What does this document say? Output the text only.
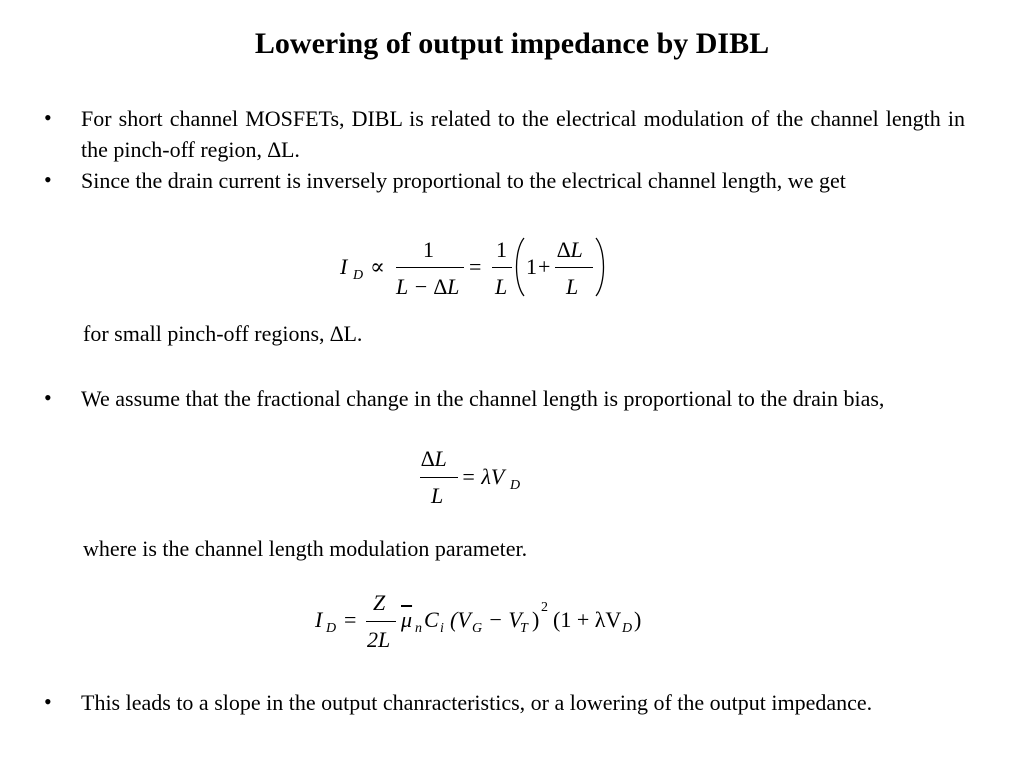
Lowering of output impedance by DIBL
• For short channel MOSFETs, DIBL is related to the electrical modulation of the channel length in the pinch-off region, ∆L.
• Since the drain current is inversely proportional to the electrical channel length, we get
I D ∝
1
L − ∆L
=
1
L
1 +
∆L
L
for small pinch-off regions, ∆L.
• We assume that the fractional change in the channel length is proportional to the drain bias,
∆L
L
= λV D
where is the channel length modulation parameter.
I D =
Z
2L
$\overline{\mu}$ n C i (V G − V
T ) 2 (1 + λV D )
• This leads to a slope in the output chanracteristics, or a lowering of the output impedance.
